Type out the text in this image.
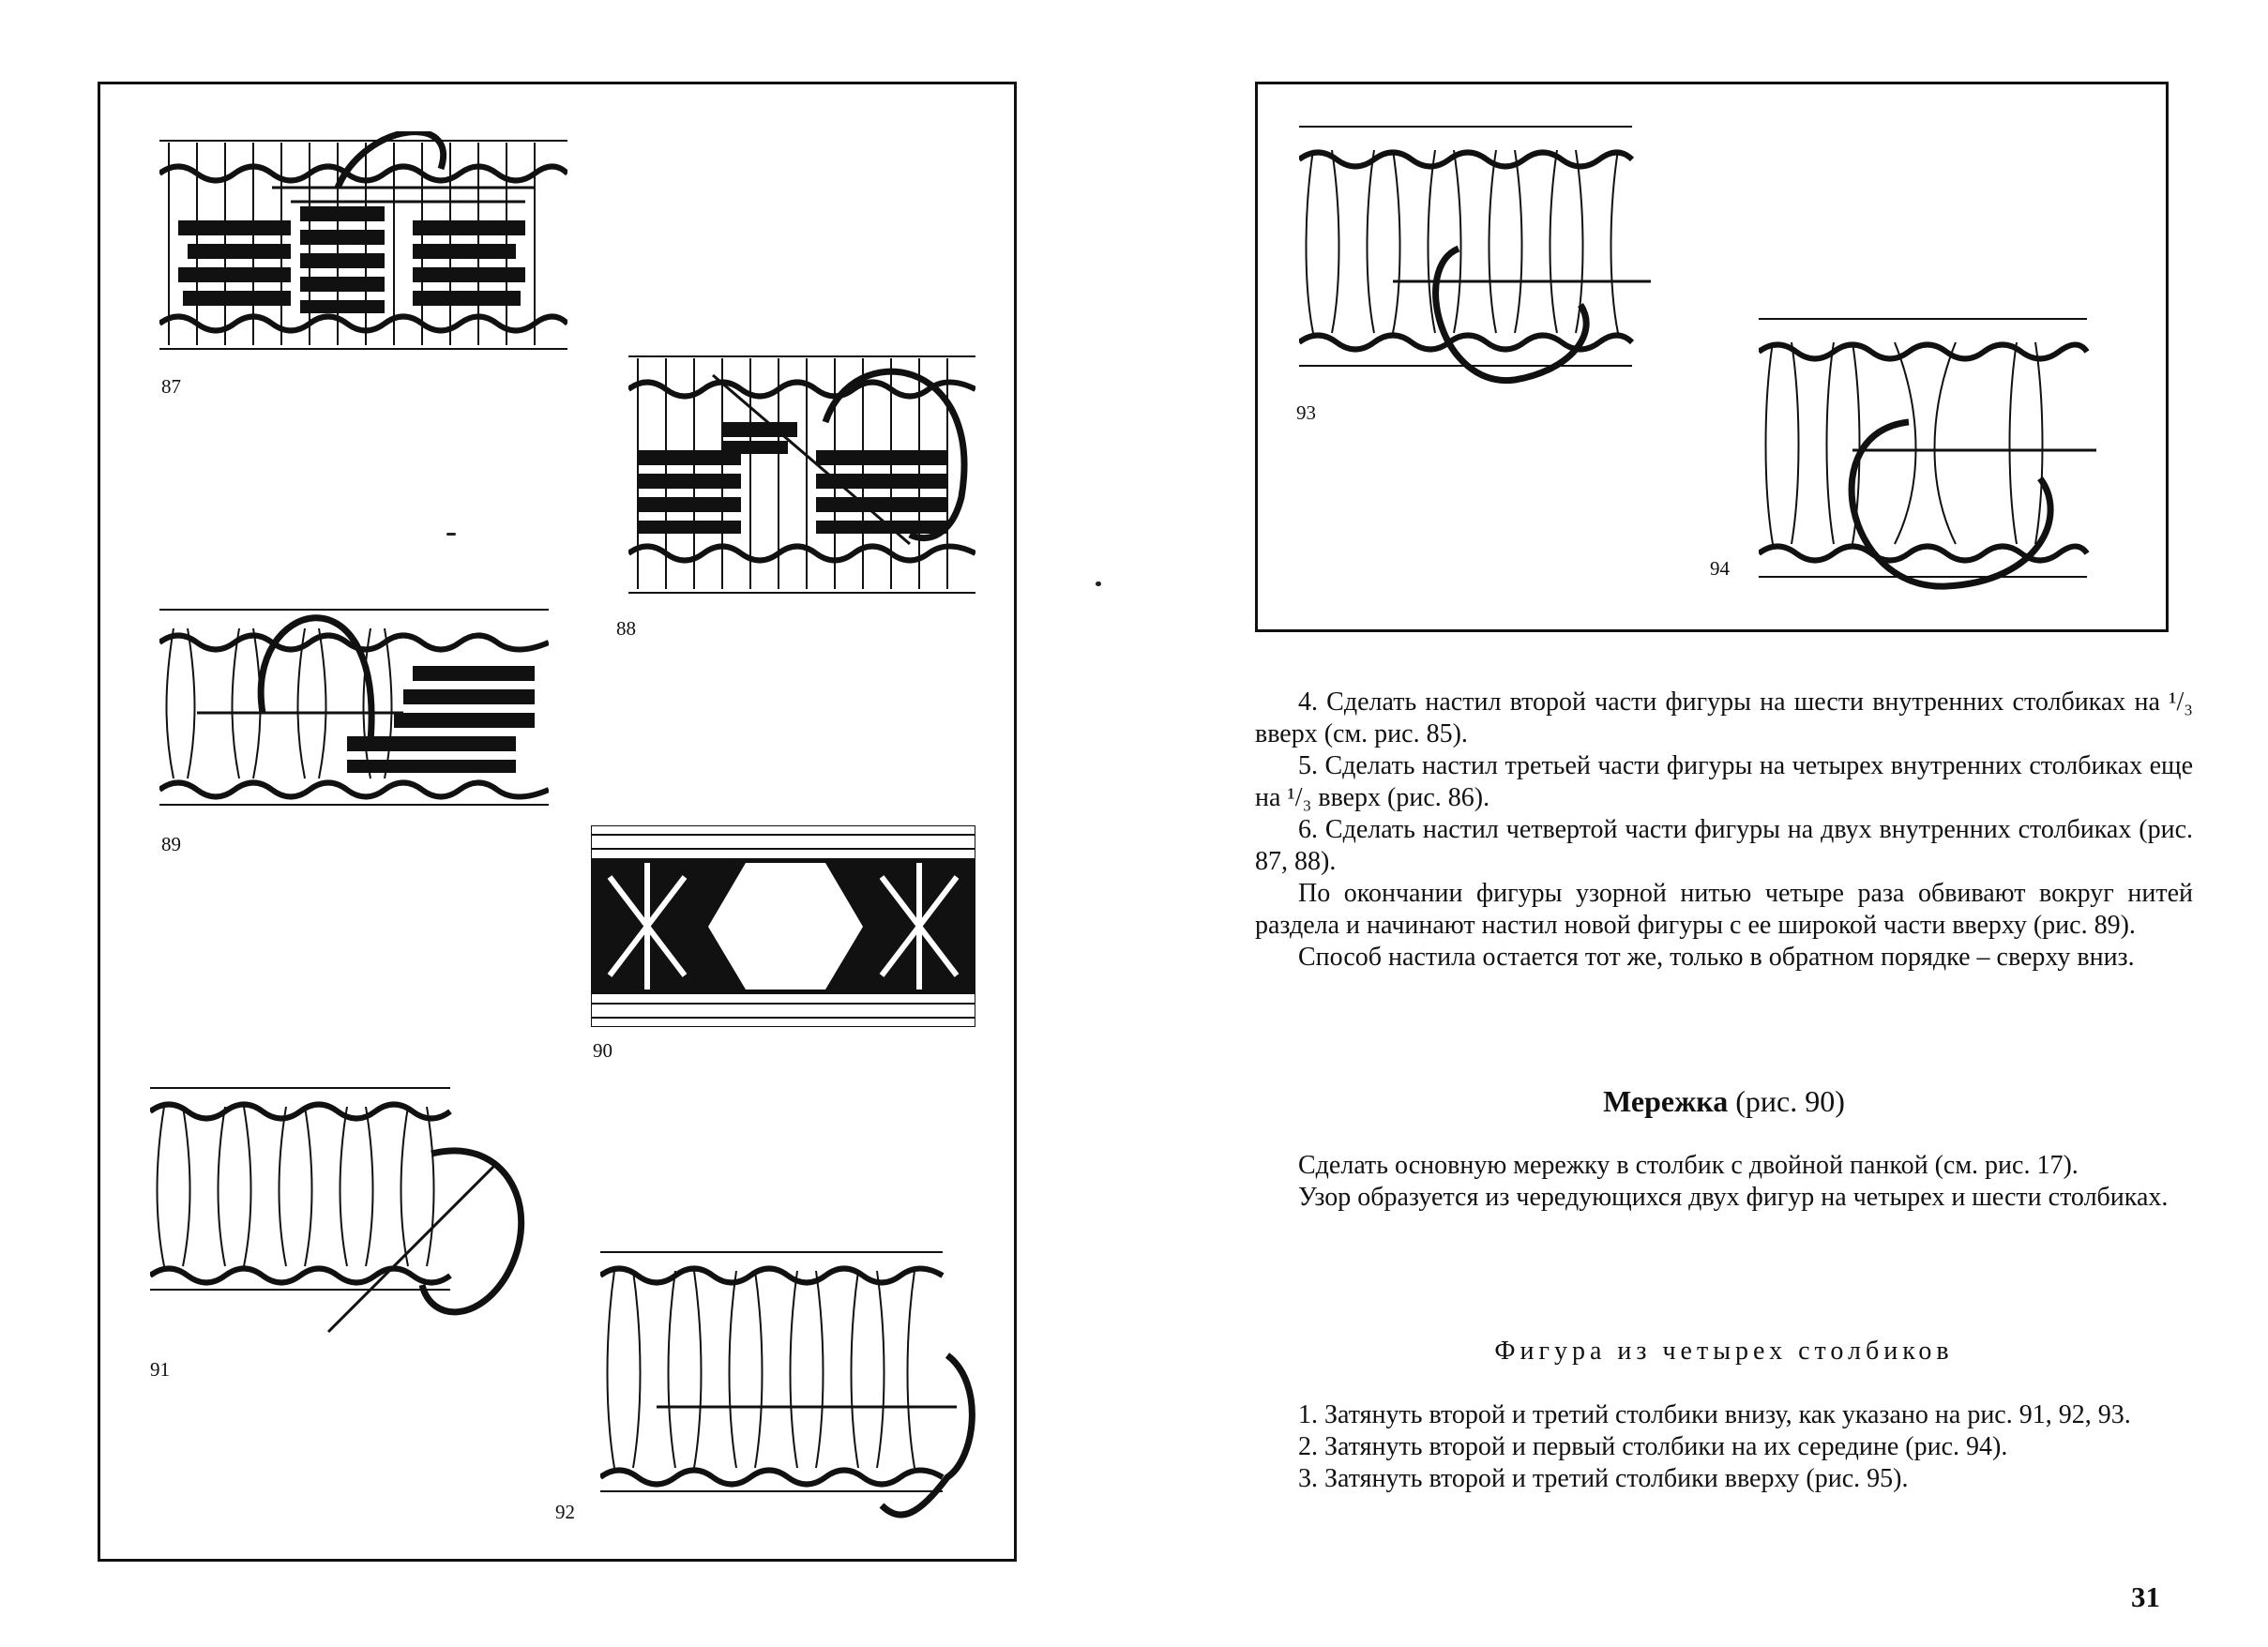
87
88
89
90
91
92
93
94

4. Сделать настил второй части фигуры на шести внутренних столбиках на ¹/₃ вверх (см. рис. 85).

5. Сделать настил третьей части фигуры на четырех внутренних столбиках еще на ¹/₃ вверх (рис. 86).

6. Сделать настил четвертой части фигуры на двух внутренних столбиках (рис. 87, 88).

По окончании фигуры узорной нитью четыре раза обвивают вокруг нитей раздела и начинают настил новой фигуры с ее широкой части вверху (рис. 89).

Способ настила остается тот же, только в обратном порядке – сверху вниз.

Мережка (рис. 90)

Сделать основную мережку в столбик с двойной панкой (см. рис. 17).

Узор образуется из чередующихся двух фигур на четырех и шести столбиках.

Фигура из четырех столбиков

1. Затянуть второй и третий столбики внизу, как указано на рис. 91, 92, 93.

2. Затянуть второй и первый столбики на их середине (рис. 94).

3. Затянуть второй и третий столбики вверху (рис. 95).

31
